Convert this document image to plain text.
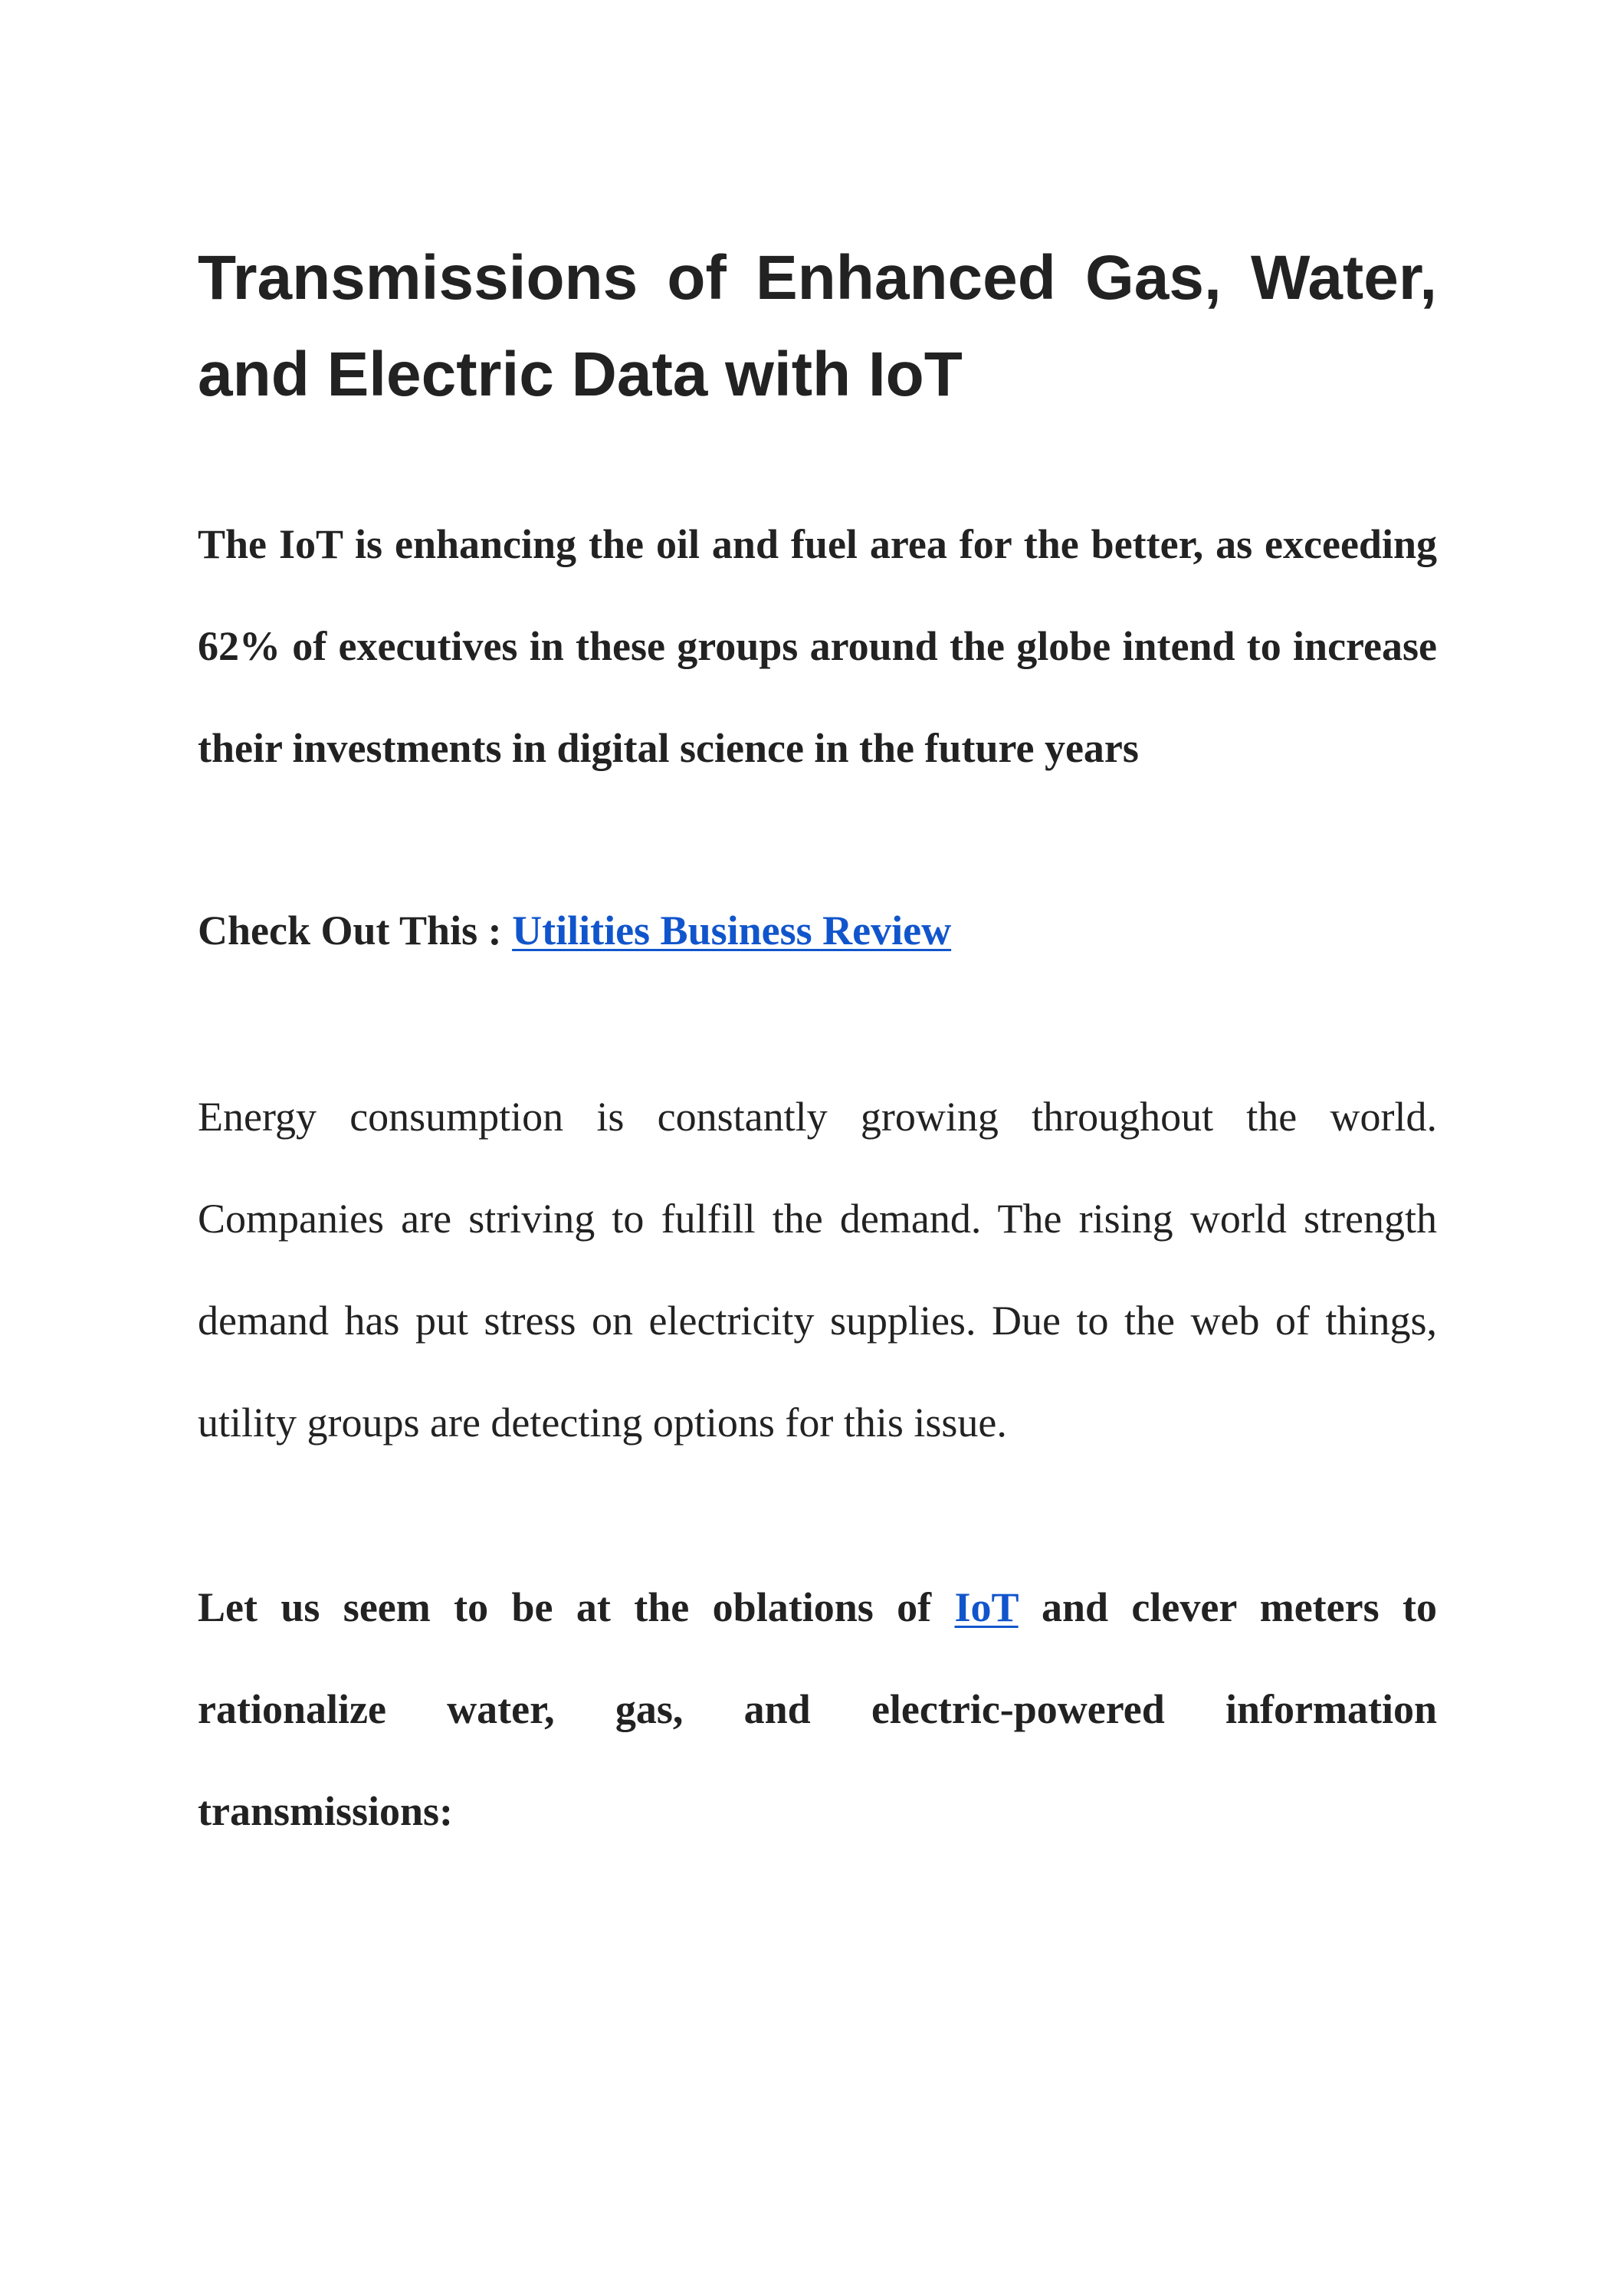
Transmissions of Enhanced Gas, Water, and Electric Data with IoT

The IoT is enhancing the oil and fuel area for the better, as exceeding 62% of executives in these groups around the globe intend to increase their investments in digital science in the future years

Check Out This : Utilities Business Review

Energy consumption is constantly growing throughout the world. Companies are striving to fulfill the demand. The rising world strength demand has put stress on electricity supplies. Due to the web of things, utility groups are detecting options for this issue.

Let us seem to be at the oblations of IoT and clever meters to rationalize water, gas, and electric-powered information transmissions:
